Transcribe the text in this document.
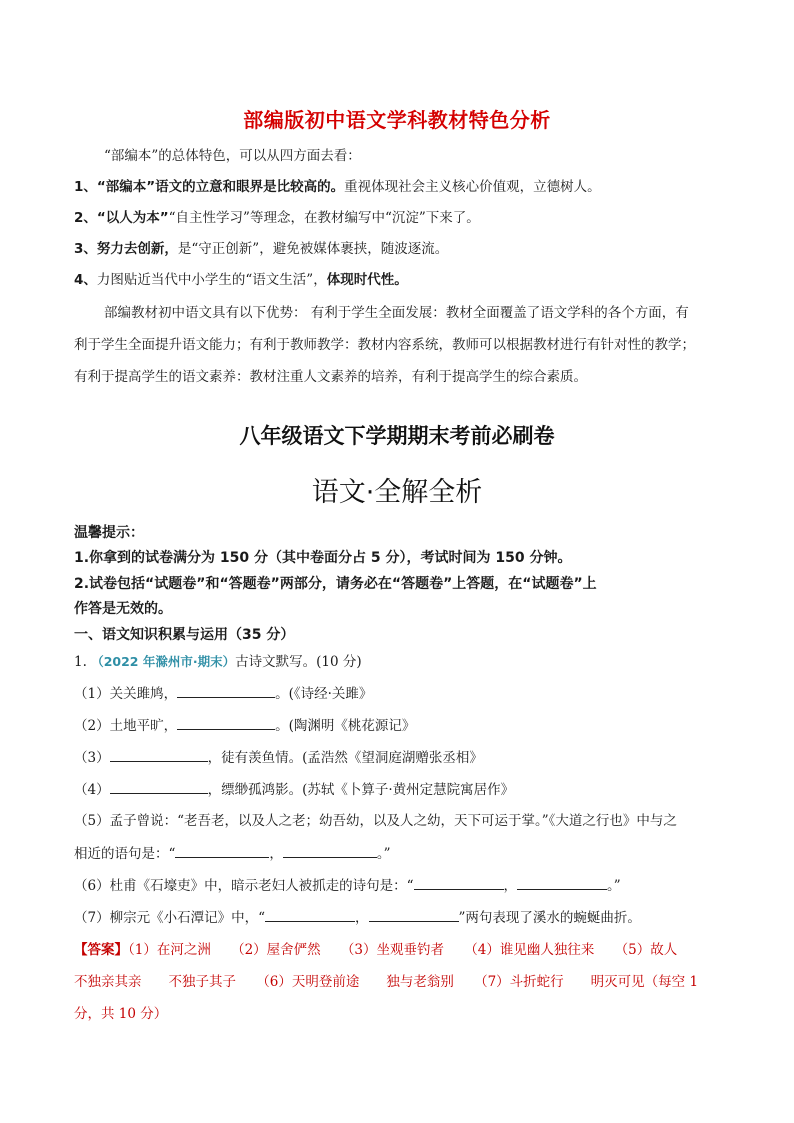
部编版初中语文学科教材特色分析
“部编本”的总体特色，可以从四方面去看：
1、“部编本”语文的立意和眼界是比较高的。重视体现社会主义核心价值观，立德树人。
2、“以人为本”“自主性学习”等理念，在教材编写中“沉淀”下来了。
3、努力去创新，是“守正创新”，避免被媒体裹挟，随波逐流。
4、力图贴近当代中小学生的“语文生活”，体现时代性。
部编教材初中语文具有以下优势： 有利于学生全面发展：教材全面覆盖了语文学科的各个方面，有
利于学生全面提升语文能力；有利于教师教学：教材内容系统，教师可以根据教材进行有针对性的教学；
有利于提高学生的语文素养：教材注重人文素养的培养，有利于提高学生的综合素质。
八年级语文下学期期末考前必刷卷
语文·全解全析
温馨提示：
1.你拿到的试卷满分为 150 分（其中卷面分占 5 分），考试时间为 150 分钟。
2.试卷包括“试题卷”和“答题卷”两部分，请务必在“答题卷”上答题，在“试题卷”上
作答是无效的。
一、语文知识积累与运用（35 分）
1. （2022 年滁州市·期末）古诗文默写。(10 分)
（1）关关雎鸠，	。(《诗经·关雎》
（2）土地平旷，	。(陶渊明《桃花源记》
（3）	，徒有羡鱼情。(孟浩然《望洞庭湖赠张丞相》
（4）	，缥缈孤鸿影。(苏轼《卜算子·黄州定慧院寓居作》
（5）孟子曾说：“老吾老，以及人之老；幼吾幼，以及人之幼，天下可运于掌。”《大道之行也》中与之
相近的语句是：“	，	。”
（6）杜甫《石壕吏》中，暗示老妇人被抓走的诗句是：“	，	。”
（7）柳宗元《小石潭记》中，“	，	”两句表现了溪水的蜿蜒曲折。
【答案】（1）在河之洲　　（2）屋舍俨然　　（3）坐观垂钓者　　（4）谁见幽人独往来　　（5）故人
不独亲其亲　　不独子其子　　（6）天明登前途　　独与老翁别　　（7）斗折蛇行　　明灭可见（每空 1
分，共 10 分）
